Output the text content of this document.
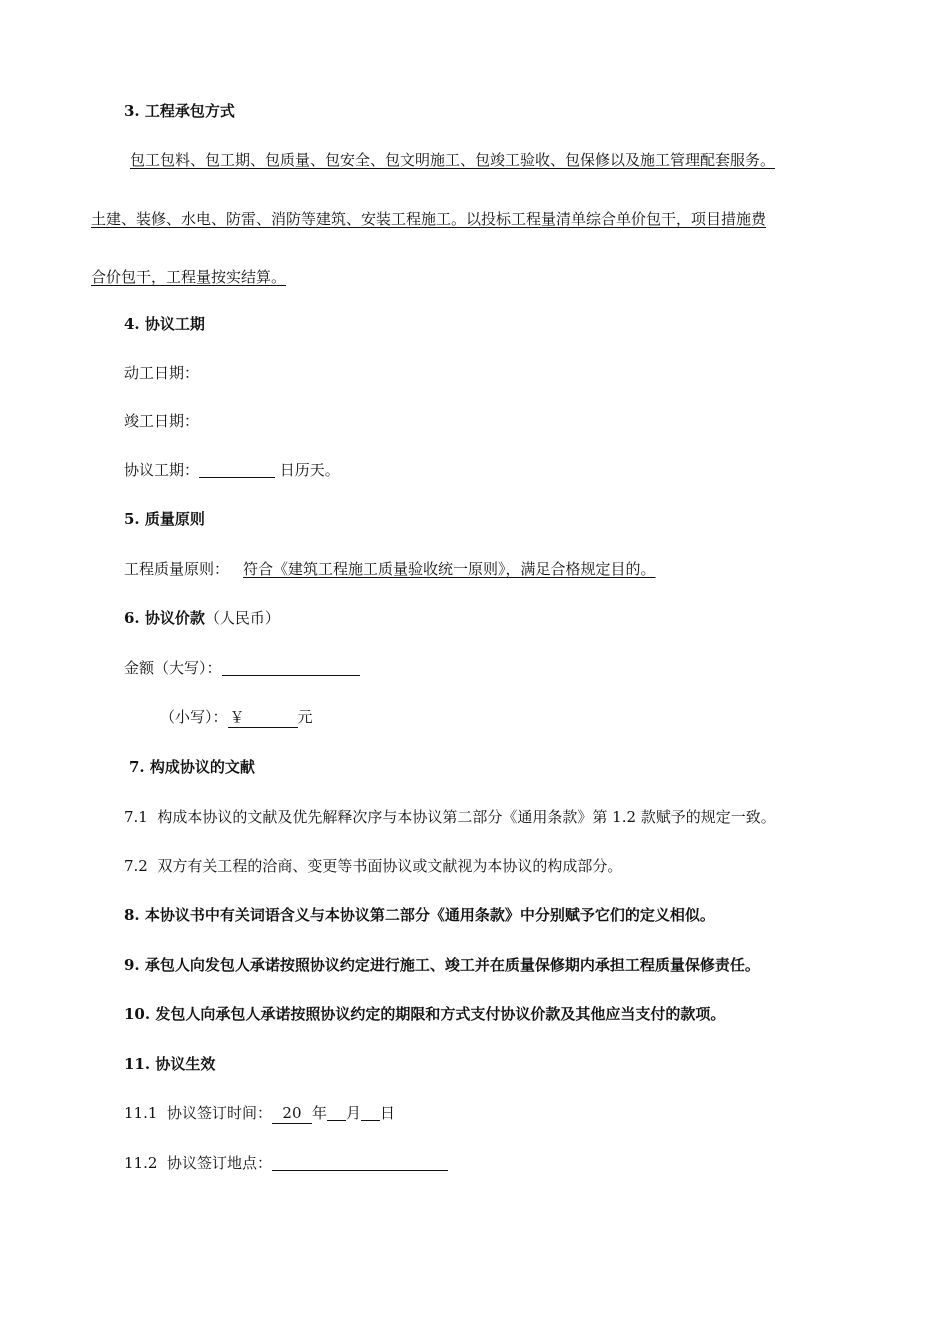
3. 工程承包方式
包工包料、包工期、包质量、包安全、包文明施工、包竣工验收、包保修以及施工管理配套服务。
土建、装修、水电、防雷、消防等建筑、安装工程施工。以投标工程量清单综合单价包干，项目措施费
合价包干，工程量按实结算。
4. 协议工期
动工日期：
竣工日期：
协议工期：	日历天。
5. 质量原则
工程质量原则： 符合《建筑工程施工质量验收统一原则》，满足合格规定目的。
6. 协议价款（人民币）
金额（大写）：
（小写）： ￥	元
7. 构成协议的文献
7.1 构成本协议的文献及优先解释次序与本协议第二部分《通用条款》第 1.2 款赋予的规定一致。
7.2 双方有关工程的洽商、变更等书面协议或文献视为本协议的构成部分。
8. 本协议书中有关词语含义与本协议第二部分《通用条款》中分别赋予它们的定义相似。
9. 承包人向发包人承诺按照协议约定进行施工、竣工并在质量保修期内承担工程质量保修责任。
10. 发包人向承包人承诺按照协议约定的期限和方式支付协议价款及其他应当支付的款项。
11. 协议生效
11.1 协议签订时间： 20 年 月 日
11.2 协议签订地点：
